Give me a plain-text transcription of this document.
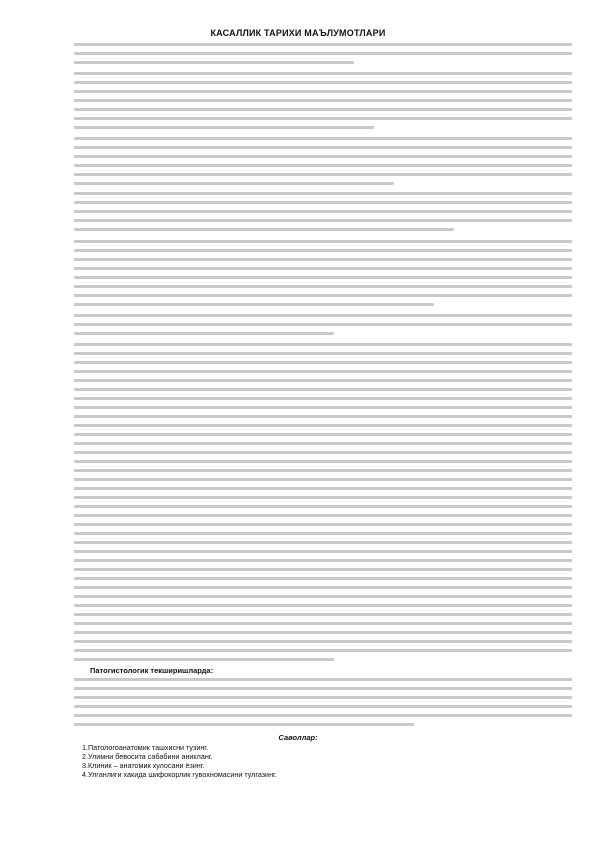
КАСАЛЛИК ТАРИХИ МАЪЛУМОТЛАРИ
Патогистологик текширишларда:
Саволлар:
1.Патологоанатомик ташхисни тузинг.
2.Улимни бевосита сабабини аникланг.
3.Клиник – анатомик хулосани ёзинг.
4.Улганлиги хакида шифокорлик гувохномасини тулгазинг.
